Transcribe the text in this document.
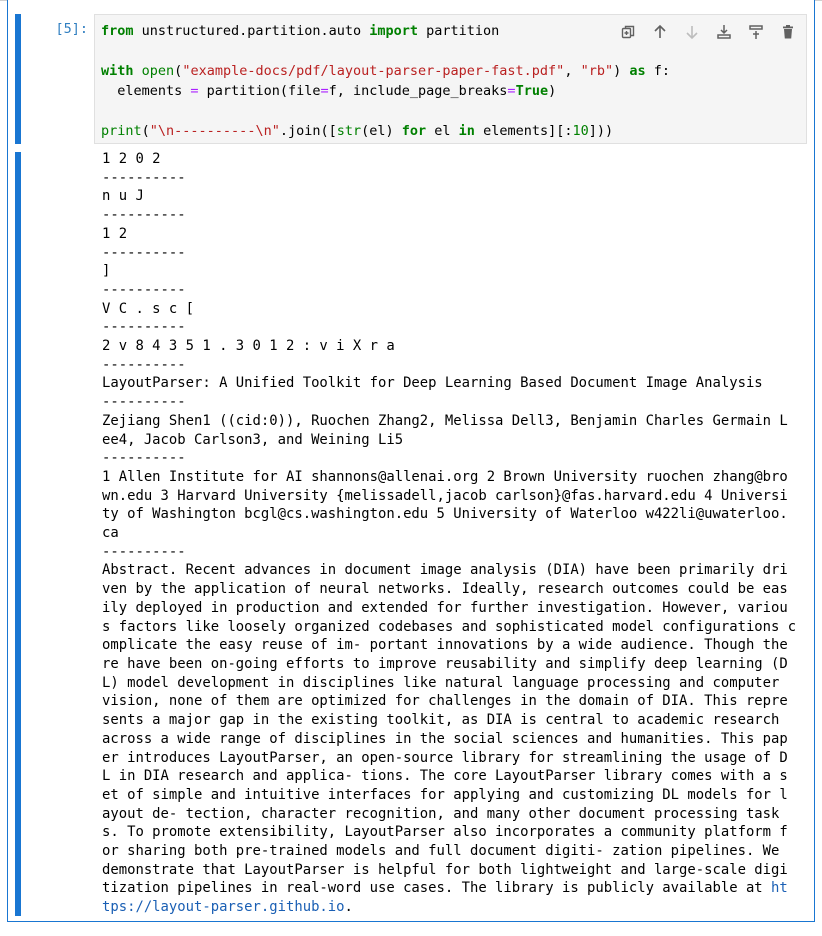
[5]: from unstructured.partition.auto import partition

with open("example-docs/pdf/layout-parser-paper-fast.pdf", "rb") as f:
elements = partition(file=f, include_page_breaks=True)

print("\n----------\n".join([str(el) for el in elements][:10]))
1 2 0 2
----------
n u J
----------
1 2
----------
]
----------
V C . s c [
----------
2 v 8 4 3 5 1 . 3 0 1 2 : v i X r a
----------
LayoutParser: A Unified Toolkit for Deep Learning Based Document Image Analysis
----------
Zejiang Shen1 ((cid:0)), Ruochen Zhang2, Melissa Dell3, Benjamin Charles Germain L
ee4, Jacob Carlson3, and Weining Li5
----------
1 Allen Institute for AI shannons@allenai.org 2 Brown University ruochen zhang@bro
wn.edu 3 Harvard University {melissadell,jacob carlson}@fas.harvard.edu 4 Universi
ty of Washington bcgl@cs.washington.edu 5 University of Waterloo w422li@uwaterloo.
ca
----------
Abstract. Recent advances in document image analysis (DIA) have been primarily dri
ven by the application of neural networks. Ideally, research outcomes could be eas
ily deployed in production and extended for further investigation. However, variou
s factors like loosely organized codebases and sophisticated model configurations c
omplicate the easy reuse of im- portant innovations by a wide audience. Though the
re have been on-going efforts to improve reusability and simplify deep learning (D
L) model development in disciplines like natural language processing and computer
vision, none of them are optimized for challenges in the domain of DIA. This repre
sents a major gap in the existing toolkit, as DIA is central to academic research
across a wide range of disciplines in the social sciences and humanities. This pap
er introduces LayoutParser, an open-source library for streamlining the usage of D
L in DIA research and applica- tions. The core LayoutParser library comes with a s
et of simple and intuitive interfaces for applying and customizing DL models for l
ayout de- tection, character recognition, and many other document processing task
s. To promote extensibility, LayoutParser also incorporates a community platform f
or sharing both pre-trained models and full document digiti- zation pipelines. We
demonstrate that LayoutParser is helpful for both lightweight and large-scale digi
tization pipelines in real-word use cases. The library is publicly available at ht
tps://layout-parser.github.io.
